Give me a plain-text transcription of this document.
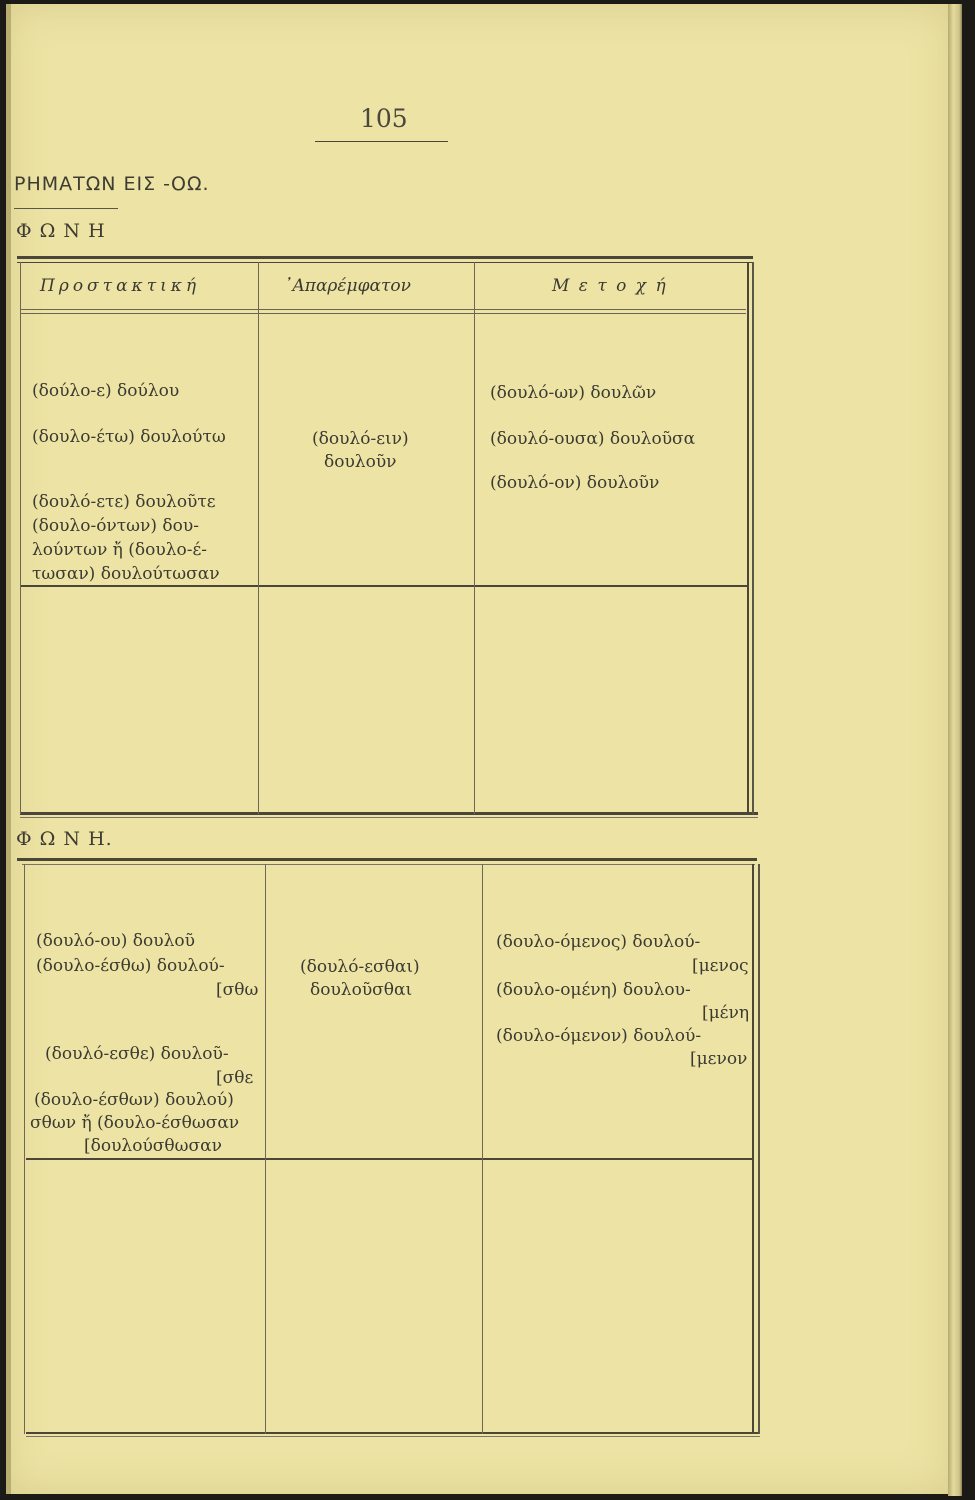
105
ΡΗΜΑΤΩΝ ΕΙΣ -ΟΩ.
Φ Ω Ν Η
Προστακτική	᾽Απαρέμφατον	Μ ε τ ο χ ή
(δούλο-ε) δούλου
(δουλο-έτω) δουλούτω
(δουλό-ετε) δουλοῦτε
(δουλο-όντων) δου-
λούντων ἤ (δουλο-έ-
τωσαν) δουλούτωσαν
(δουλό-ειν)
δουλοῦν
(δουλό-ων) δουλῶν
(δουλό-ουσα) δουλοῦσα
(δουλό-ον) δουλοῦν
Φ Ω Ν Η.
(δουλό-ου) δουλοῦ
(δουλο-έσθω) δουλού-
[σθω
(δουλό-εσθε) δουλοῦ-
[σθε
(δουλο-έσθων) δουλού)
σθων ἤ (δουλο-έσθωσαν
[δουλούσθωσαν
(δουλό-εσθαι)
δουλοῦσθαι
(δουλο-όμενος) δουλού-
[μενος
(δουλο-ομένη) δουλου-
[μένη
(δουλο-όμενον) δουλού-
[μενον
